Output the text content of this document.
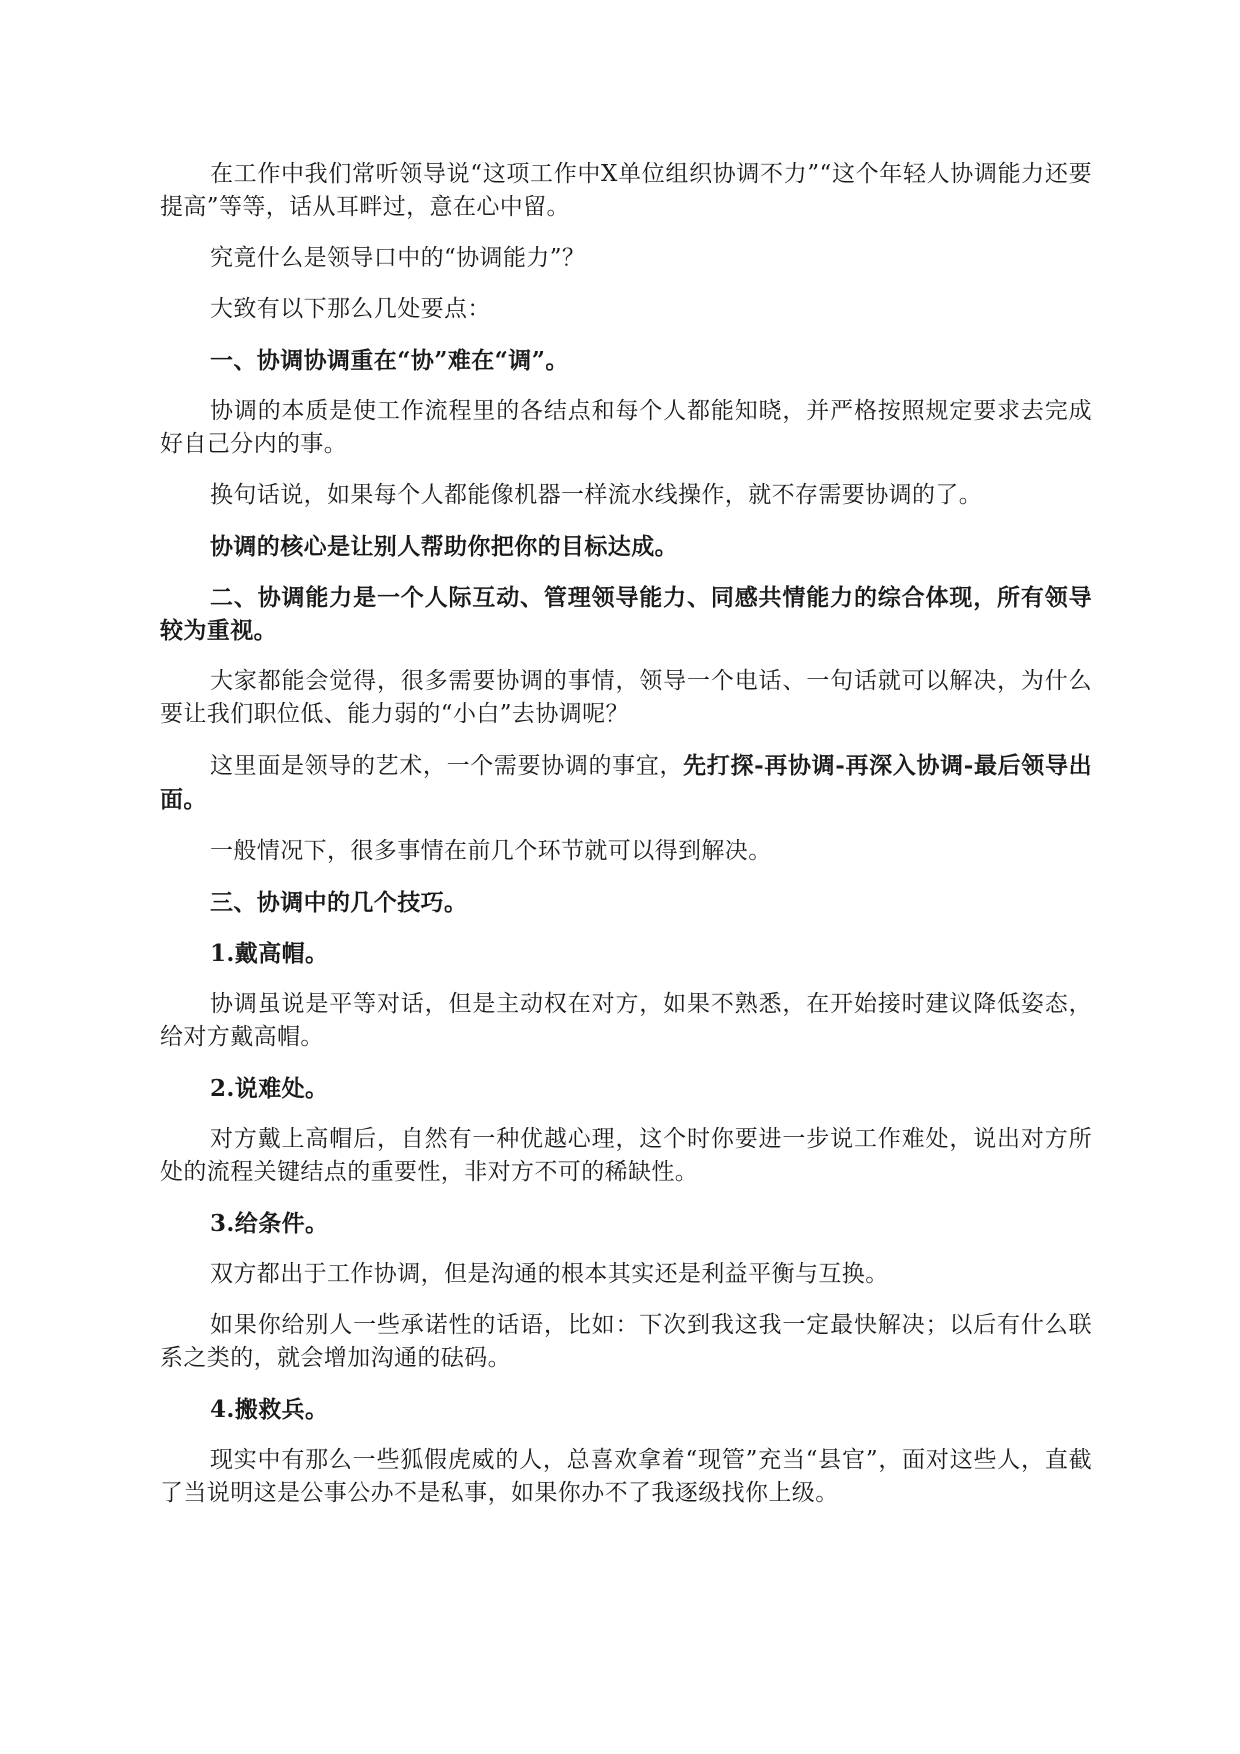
在工作中我们常听领导说“这项工作中X单位组织协调不力”“这个年轻人协调能力还要提高”等等，话从耳畔过，意在心中留。

究竟什么是领导口中的“协调能力”？

大致有以下那么几处要点：

一、协调协调重在“协”难在“调”。

协调的本质是使工作流程里的各结点和每个人都能知晓，并严格按照规定要求去完成好自己分内的事。

换句话说，如果每个人都能像机器一样流水线操作，就不存需要协调的了。

协调的核心是让别人帮助你把你的目标达成。

二、协调能力是一个人际互动、管理领导能力、同感共情能力的综合体现，所有领导较为重视。

大家都能会觉得，很多需要协调的事情，领导一个电话、一句话就可以解决，为什么要让我们职位低、能力弱的“小白”去协调呢？

这里面是领导的艺术，一个需要协调的事宜，先打探-再协调-再深入协调-最后领导出面。

一般情况下，很多事情在前几个环节就可以得到解决。

三、协调中的几个技巧。

1.戴高帽。

协调虽说是平等对话，但是主动权在对方，如果不熟悉，在开始接时建议降低姿态，给对方戴高帽。

2.说难处。

对方戴上高帽后，自然有一种优越心理，这个时你要进一步说工作难处，说出对方所处的流程关键结点的重要性，非对方不可的稀缺性。

3.给条件。

双方都出于工作协调，但是沟通的根本其实还是利益平衡与互换。

如果你给别人一些承诺性的话语，比如：下次到我这我一定最快解决；以后有什么联系之类的，就会增加沟通的砝码。

4.搬救兵。

现实中有那么一些狐假虎威的人，总喜欢拿着“现管”充当“县官”，面对这些人，直截了当说明这是公事公办不是私事，如果你办不了我逐级找你上级。
